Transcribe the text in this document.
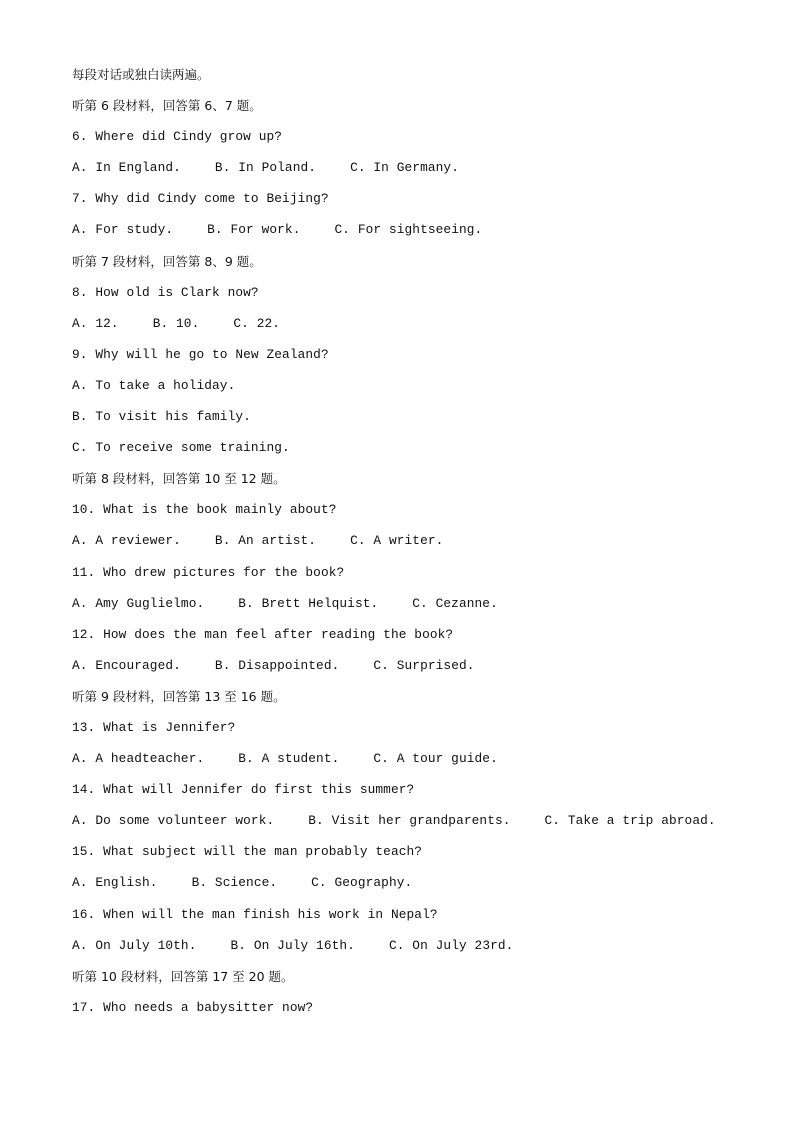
每段对话或独白读两遍。
听第 6 段材料，回答第 6、7 题。
6. Where did Cindy grow up?
A. In England.	B. In Poland.	C. In Germany.
7. Why did Cindy come to Beijing?
A. For study.	B. For work.	C. For sightseeing.
听第 7 段材料，回答第 8、9 题。
8. How old is Clark now?
A. 12.	B. 10.	C. 22.
9. Why will he go to New Zealand?
A. To take a holiday.
B. To visit his family.
C. To receive some training.
听第 8 段材料，回答第 10 至 12 题。
10. What is the book mainly about?
A. A reviewer.	B. An artist.	C. A writer.
11. Who drew pictures for the book?
A. Amy Guglielmo.	B. Brett Helquist.	C. Cezanne.
12. How does the man feel after reading the book?
A. Encouraged.	B. Disappointed.	C. Surprised.
听第 9 段材料，回答第 13 至 16 题。
13. What is Jennifer?
A. A headteacher.	B. A student.	C. A tour guide.
14. What will Jennifer do first this summer?
A. Do some volunteer work.	B. Visit her grandparents.	C. Take a trip abroad.
15. What subject will the man probably teach?
A. English.	B. Science.	C. Geography.
16. When will the man finish his work in Nepal?
A. On July 10th.	B. On July 16th.	C. On July 23rd.
听第 10 段材料，回答第 17 至 20 题。
17. Who needs a babysitter now?
